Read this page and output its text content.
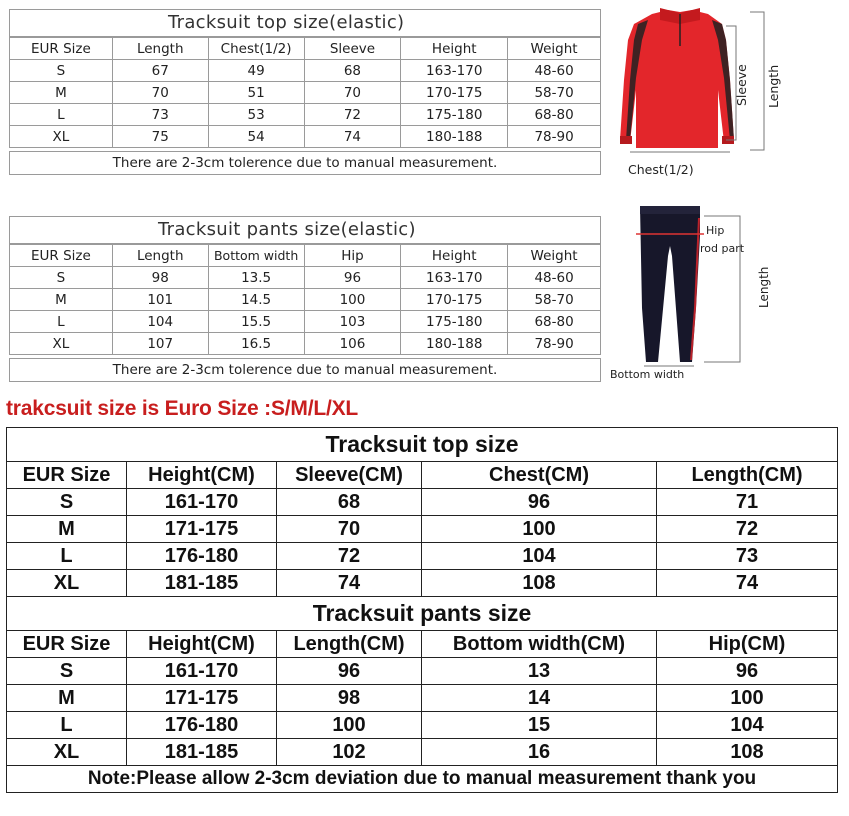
Tracksuit top size(elastic)
EUR Size	Length	Chest(1/2)	Sleeve	Height	Weight
S	67	49	68	163-170	48-60
M	70	51	70	170-175	58-70
L	73	53	72	175-180	68-80
XL	75	54	74	180-188	78-90
There are 2-3cm tolerence due to manual measurement.	Chest(1/2)
Sleeve Length
Tracksuit pants size(elastic)
EUR Size	Length	Bottom width	Hip	Height	Weight
S	98	13.5	96	163-170	48-60
M	101	14.5	100	170-175	58-70
L	104	15.5	103	175-180	68-80
XL	107	16.5	106	180-188	78-90
There are 2-3cm tolerence due to manual measurement.
Hip
rod part
Length
Bottom width
trakcsuit size is Euro Size :S/M/L/XL
Tracksuit top size				
EUR Size	Height(CM)	Sleeve(CM)	Chest(CM)	Length(CM)
S	161-170	68	96	71
M	171-175	70	100	72
L	176-180	72	104	73
XL	181-185	74	108	74
Tracksuit pants size				
EUR Size	Height(CM)	Length(CM)	Bottom width(CM)	Hip(CM)
S	161-170	96	13	96
M	171-175	98	14	100
L	176-180	100	15	104
XL	181-185	102	16	108
Note:Please allow 2-3cm deviation due to manual measurement thank you				
